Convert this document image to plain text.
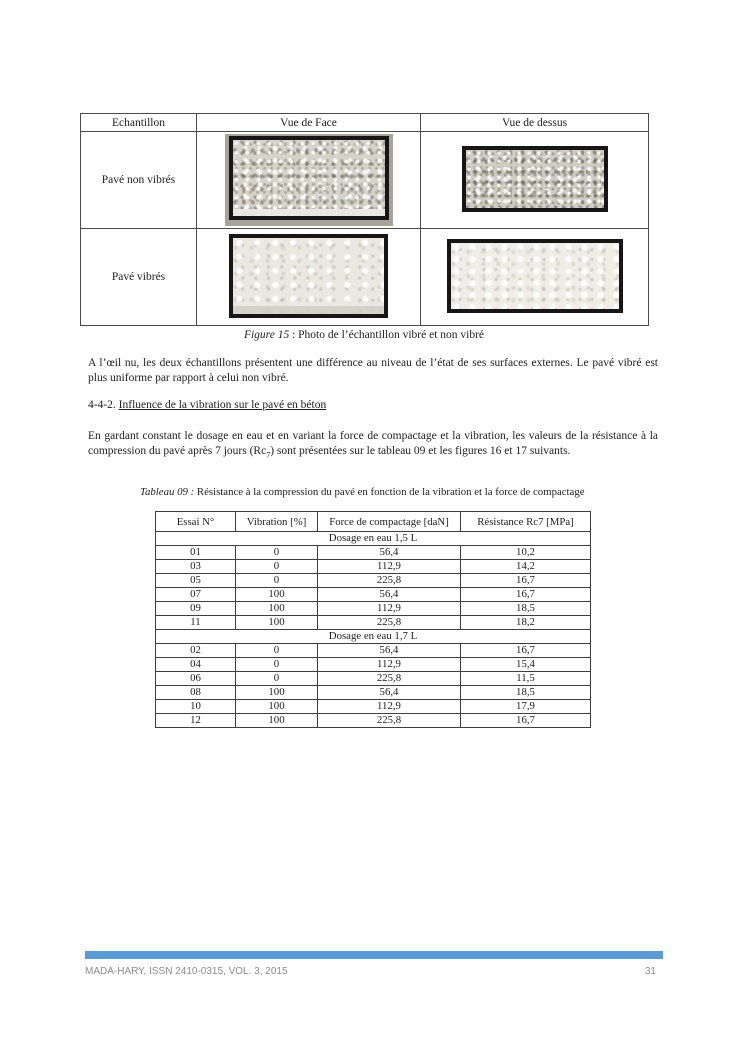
Echantillon	Vue de Face	Vue de dessus
Pavé non vibrés		
Pavé vibrés		
Figure 15 : Photo de l’échantillon vibré et non vibré

A l’œil nu, les deux échantillons présentent une différence au niveau de l’état de ses surfaces externes. Le pavé vibré est plus uniforme par rapport à celui non vibré.

4-4-2. Influence de la vibration sur le pavé en béton

En gardant constant le dosage en eau et en variant la force de compactage et la vibration, les valeurs de la résistance à la compression du pavé après 7 jours $(Rc_7)$ sont présentées sur le tableau 09 et les figures 16 et 17 suivants.

Tableau 09 : Résistance à la compression du pavé en fonction de la vibration et la force de compactage
Essai N°	Vibration [%]	Force de compactage [daN]	Résistance Rc7 [MPa]
Dosage en eau 1,5 L			
01	0	56,4	10,2
03	0	112,9	14,2
05	0	225,8	16,7
07	100	56,4	16,7
09	100	112,9	18,5
11	100	225,8	18,2
Dosage en eau 1,7 L			
02	0	56,4	16,7
04	0	112,9	15,4
06	0	225,8	11,5
08	100	56,4	18,5
10	100	112,9	17,9
12	100	225,8	16,7
MADA-HARY, ISSN 2410-0315, VOL. 3, 2015	31
